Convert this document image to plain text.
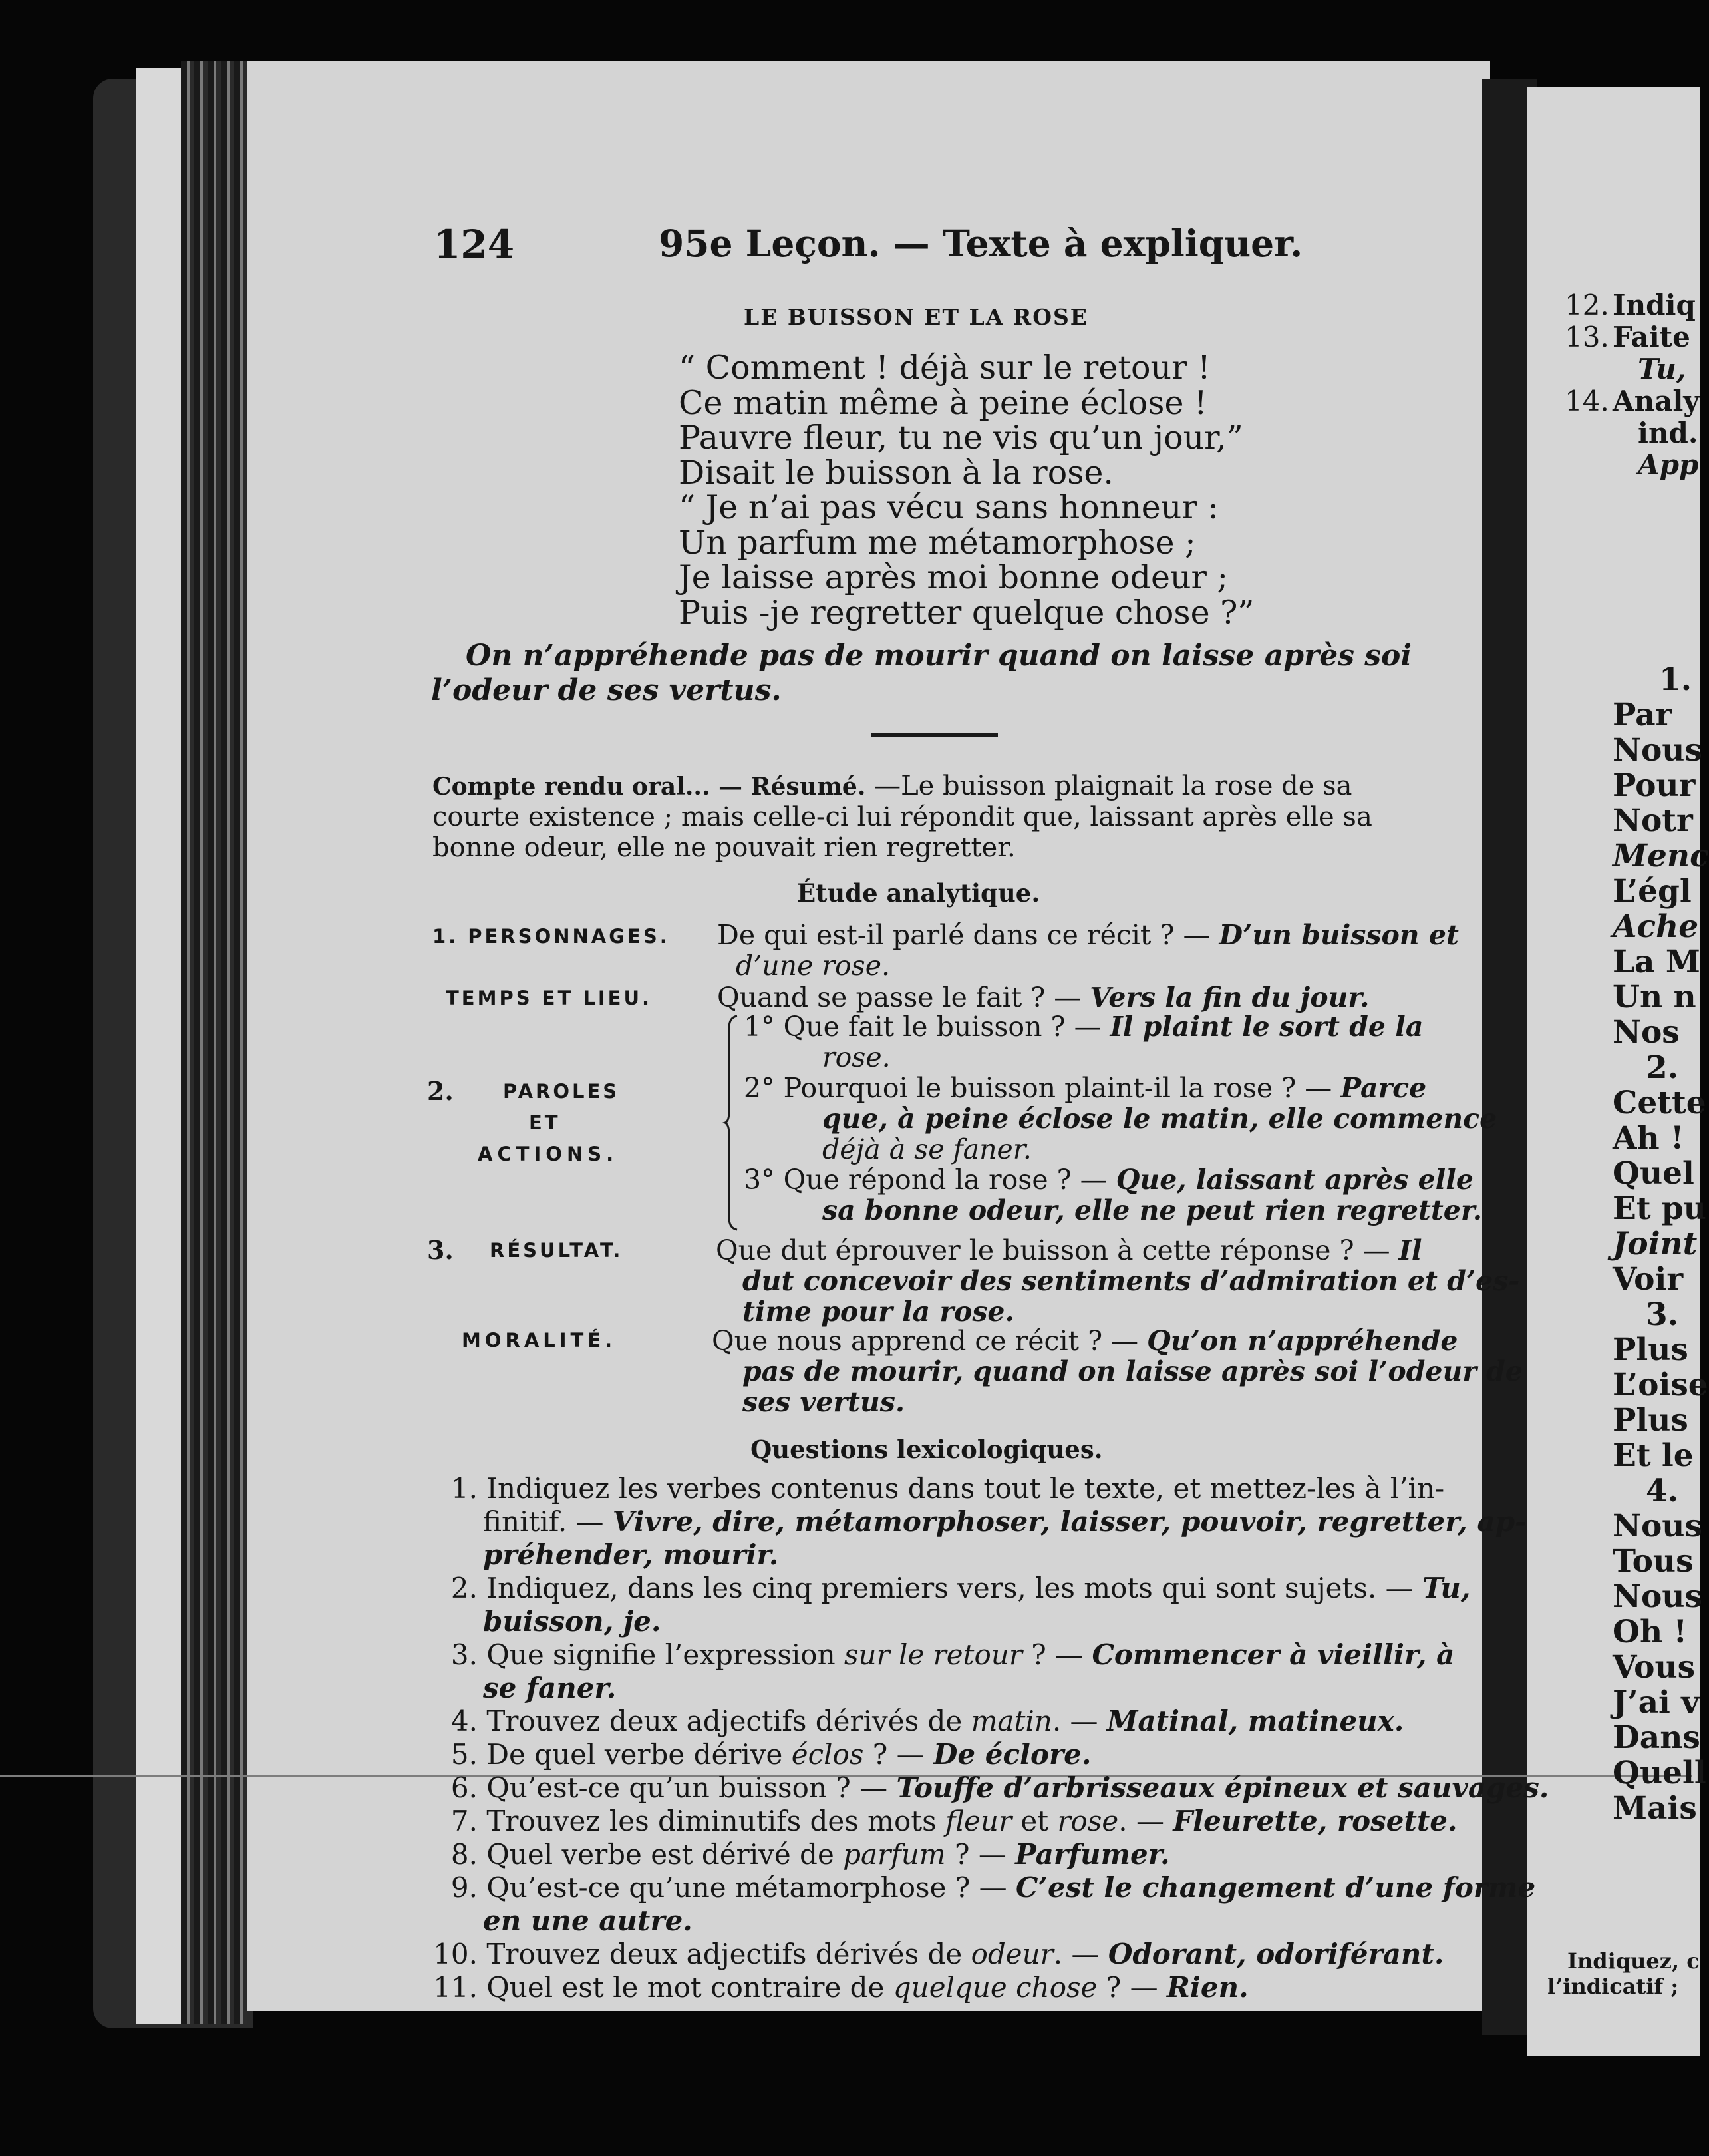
124	95e Leçon. — Texte à expliquer.
LE BUISSON ET LA ROSE
“ Comment ! déjà sur le retour !
Ce matin même à peine éclose !
Pauvre fleur, tu ne vis qu’un jour,”
Disait le buisson à la rose.
“ Je n’ai pas vécu sans honneur :
Un parfum me métamorphose ;
Je laisse après moi bonne odeur ;
Puis -je regretter quelque chose ?”
On n’appréhende pas de mourir quand on laisse après soi
l’odeur de ses vertus.
Compte rendu oral... — Résumé. —Le buisson plaignait la rose de sa
courte existence ; mais celle-ci lui répondit que, laissant après elle sa
bonne odeur, elle ne pouvait rien regretter.
Étude analytique.
1. PERSONNAGES. De qui est-il parlé dans ce récit ? — D’un buisson et
d’une rose.
TEMPS ET LIEU. Quand se passe le fait ? — Vers la fin du jour.
2.	PAROLES
ET
ACTIONS.
1° Que fait le buisson ? — Il plaint le sort de la
rose.
2° Pourquoi le buisson plaint-il la rose ? — Parce
que, à peine éclose le matin, elle commence
déjà à se faner.
3° Que répond la rose ? — Que, laissant après elle
sa bonne odeur, elle ne peut rien regretter.
3. RÉSULTAT.	Que dut éprouver le buisson à cette réponse ? — Il
dut concevoir des sentiments d’admiration et d’es-
time pour la rose.
MORALITÉ.	Que nous apprend ce récit ? — Qu’on n’appréhende
pas de mourir, quand on laisse après soi l’odeur de
ses vertus.
Questions lexicologiques.
1. Indiquez les verbes contenus dans tout le texte, et mettez-les à l’in-
finitif. — Vivre, dire, métamorphoser, laisser, pouvoir, regretter, ap-
préhender, mourir.
2. Indiquez, dans les cinq premiers vers, les mots qui sont sujets. — Tu,
buisson, je.
3. Que signifie l’expression sur le retour ? — Commencer à vieillir, à
se faner.
4. Trouvez deux adjectifs dérivés de matin. — Matinal, matineux.
5. De quel verbe dérive éclos ? — De éclore.
6. Qu’est-ce qu’un buisson ? — Touffe d’arbrisseaux épineux et sauvages.
7. Trouvez les diminutifs des mots fleur et rose. — Fleurette, rosette.
8. Quel verbe est dérivé de parfum ? — Parfumer.
9. Qu’est-ce qu’une métamorphose ? — C’est le changement d’une forme
en une autre.
10. Trouvez deux adjectifs dérivés de odeur. — Odorant, odoriférant.
11. Quel est le mot contraire de quelque chose ? — Rien.
12. Indiq
13. Faite
Tu,
14. Analy
ind.
App
1.
Par
Nous
Pour
Notr
Menc
L’égl
Ache
La M
Un n
Nos
2.
Cette
Ah !
Quel
Et pu
Joint
Voir
3.
Plus
L’oise
Plus
Et le
4.
Nous
Tous
Nous
Oh !
Vous
J’ai v
Dans
Quell
Mais
Indiquez, c
l’indicatif ;
